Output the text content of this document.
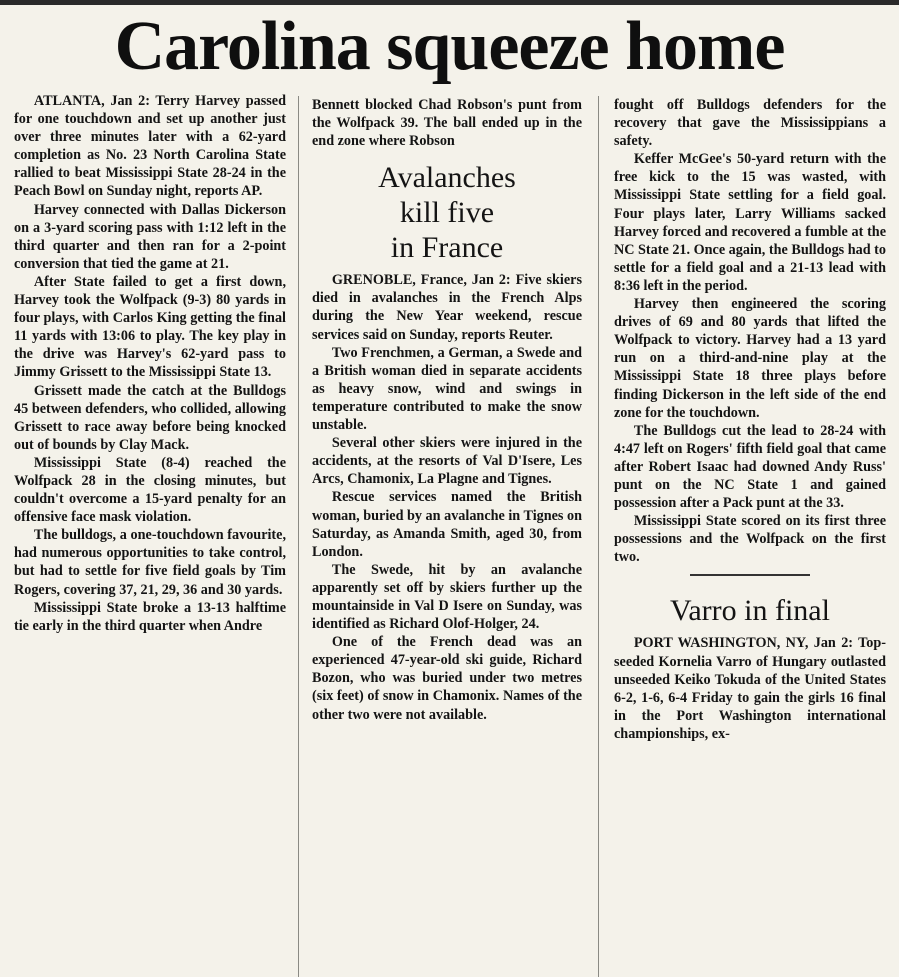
Carolina squeeze home

ATLANTA, Jan 2: Terry Harvey passed for one touchdown and set up another just over three minutes later with a 62-yard completion as No. 23 North Carolina State rallied to beat Mississippi State 28-24 in the Peach Bowl on Sunday night, reports AP.

Harvey connected with Dallas Dickerson on a 3-yard scoring pass with 1:12 left in the third quarter and then ran for a 2-point conversion that tied the game at 21.

After State failed to get a first down, Harvey took the Wolfpack (9-3) 80 yards in four plays, with Carlos King getting the final 11 yards with 13:06 to play. The key play in the drive was Harvey's 62-yard pass to Jimmy Grissett to the Mississippi State 13.

Grissett made the catch at the Bulldogs 45 between defenders, who collided, allowing Grissett to race away before being knocked out of bounds by Clay Mack.

Mississippi State (8-4) reached the Wolfpack 28 in the closing minutes, but couldn't overcome a 15-yard penalty for an offensive face mask violation.

The bulldogs, a one-touchdown favourite, had numerous opportunities to take control, but had to settle for five field goals by Tim Rogers, covering 37, 21, 29, 36 and 30 yards.

Mississippi State broke a 13-13 halftime tie early in the third quarter when Andre

Bennett blocked Chad Robson's punt from the Wolfpack 39. The ball ended up in the end zone where Robson

Avalanches
kill five
in France

GRENOBLE, France, Jan 2: Five skiers died in avalanches in the French Alps during the New Year weekend, rescue services said on Sunday, reports Reuter.

Two Frenchmen, a German, a Swede and a British woman died in separate accidents as heavy snow, wind and swings in temperature contributed to make the snow unstable.

Several other skiers were injured in the accidents, at the resorts of Val D'Isere, Les Arcs, Chamonix, La Plagne and Tignes.

Rescue services named the British woman, buried by an avalanche in Tignes on Saturday, as Amanda Smith, aged 30, from London.

The Swede, hit by an avalanche apparently set off by skiers further up the mountainside in Val D Isere on Sunday, was identified as Richard Olof-Holger, 24.

One of the French dead was an experienced 47-year-old ski guide, Richard Bozon, who was buried under two metres (six feet) of snow in Chamonix. Names of the other two were not available.

fought off Bulldogs defenders for the recovery that gave the Mississippians a safety.

Keffer McGee's 50-yard return with the free kick to the 15 was wasted, with Mississippi State settling for a field goal. Four plays later, Larry Williams sacked Harvey forced and recovered a fumble at the NC State 21. Once again, the Bulldogs had to settle for a field goal and a 21-13 lead with 8:36 left in the period.

Harvey then engineered the scoring drives of 69 and 80 yards that lifted the Wolfpack to victory. Harvey had a 13 yard run on a third-and-nine play at the Mississippi State 18 three plays before finding Dickerson in the left side of the end zone for the touchdown.

The Bulldogs cut the lead to 28-24 with 4:47 left on Rogers' fifth field goal that came after Robert Isaac had downed Andy Russ' punt on the NC State 1 and gained possession after a Pack punt at the 33.

Mississippi State scored on its first three possessions and the Wolfpack on the first two.

Varro in final

PORT WASHINGTON, NY, Jan 2: Top-seeded Kornelia Varro of Hungary outlasted unseeded Keiko Tokuda of the United States 6-2, 1-6, 6-4 Friday to gain the girls 16 final in the Port Washington international championships, ex-
